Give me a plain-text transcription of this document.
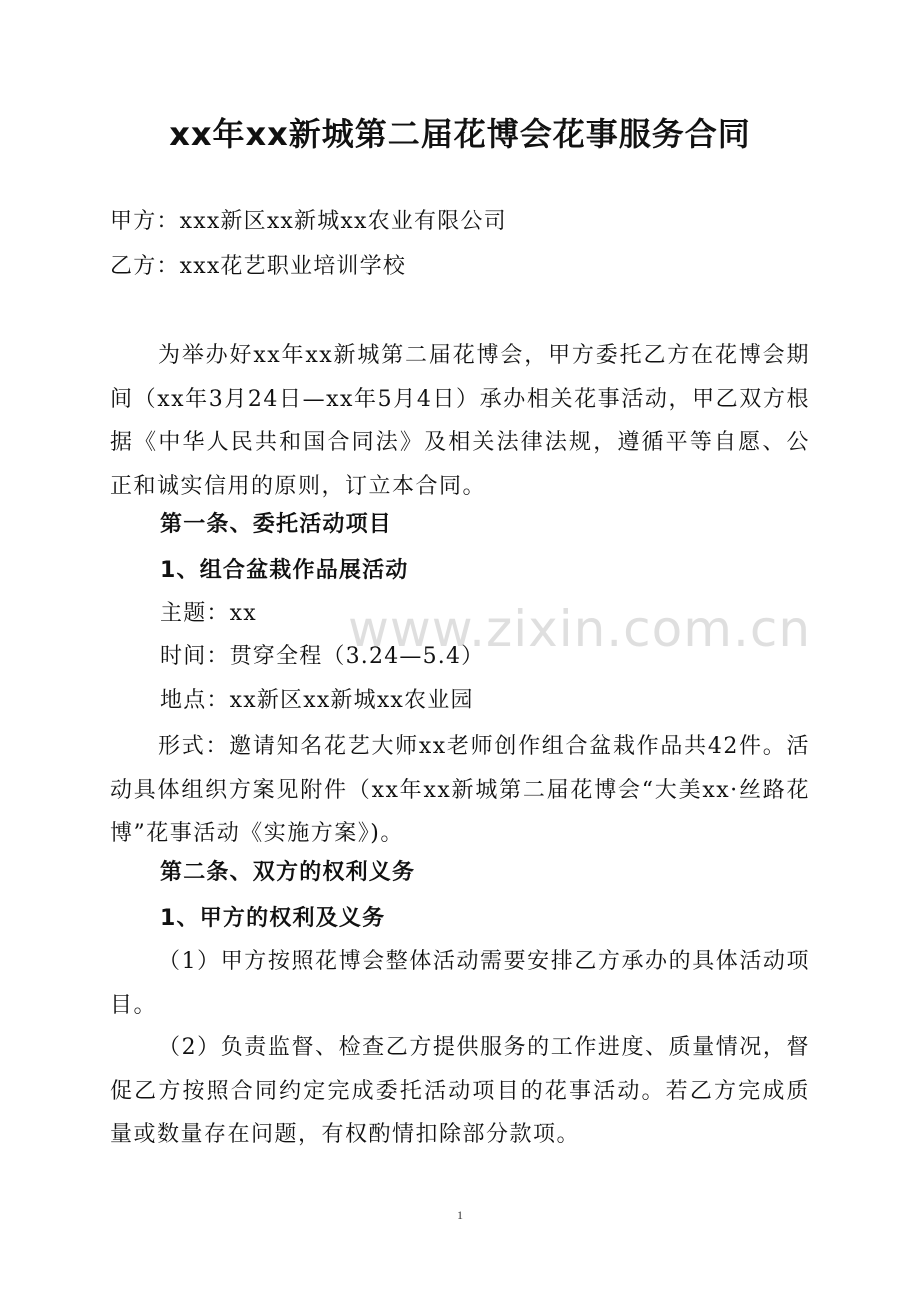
xx年xx新城第二届花博会花事服务合同
甲方：xxx新区xx新城xx农业有限公司
乙方：xxx花艺职业培训学校

为举办好xx年xx新城第二届花博会，甲方委托乙方在花博会期间（xx年3月24日—xx年5月4日）承办相关花事活动，甲乙双方根据《中华人民共和国合同法》及相关法律法规，遵循平等自愿、公正和诚实信用的原则，订立本合同。

第一条、委托活动项目
1、组合盆栽作品展活动
主题：xx
时间：贯穿全程（3.24—5.4）
地点：xx新区xx新城xx农业园

形式：邀请知名花艺大师xx老师创作组合盆栽作品共42件。活动具体组织方案见附件（xx年xx新城第二届花博会“大美xx·丝路花博”花事活动《实施方案》)。

第二条、双方的权利义务
1、甲方的权利及义务

（1）甲方按照花博会整体活动需要安排乙方承办的具体活动项目。

（2）负责监督、检查乙方提供服务的工作进度、质量情况，督促乙方按照合同约定完成委托活动项目的花事活动。若乙方完成质量或数量存在问题，有权酌情扣除部分款项。

www.zixin.com.cn
1
